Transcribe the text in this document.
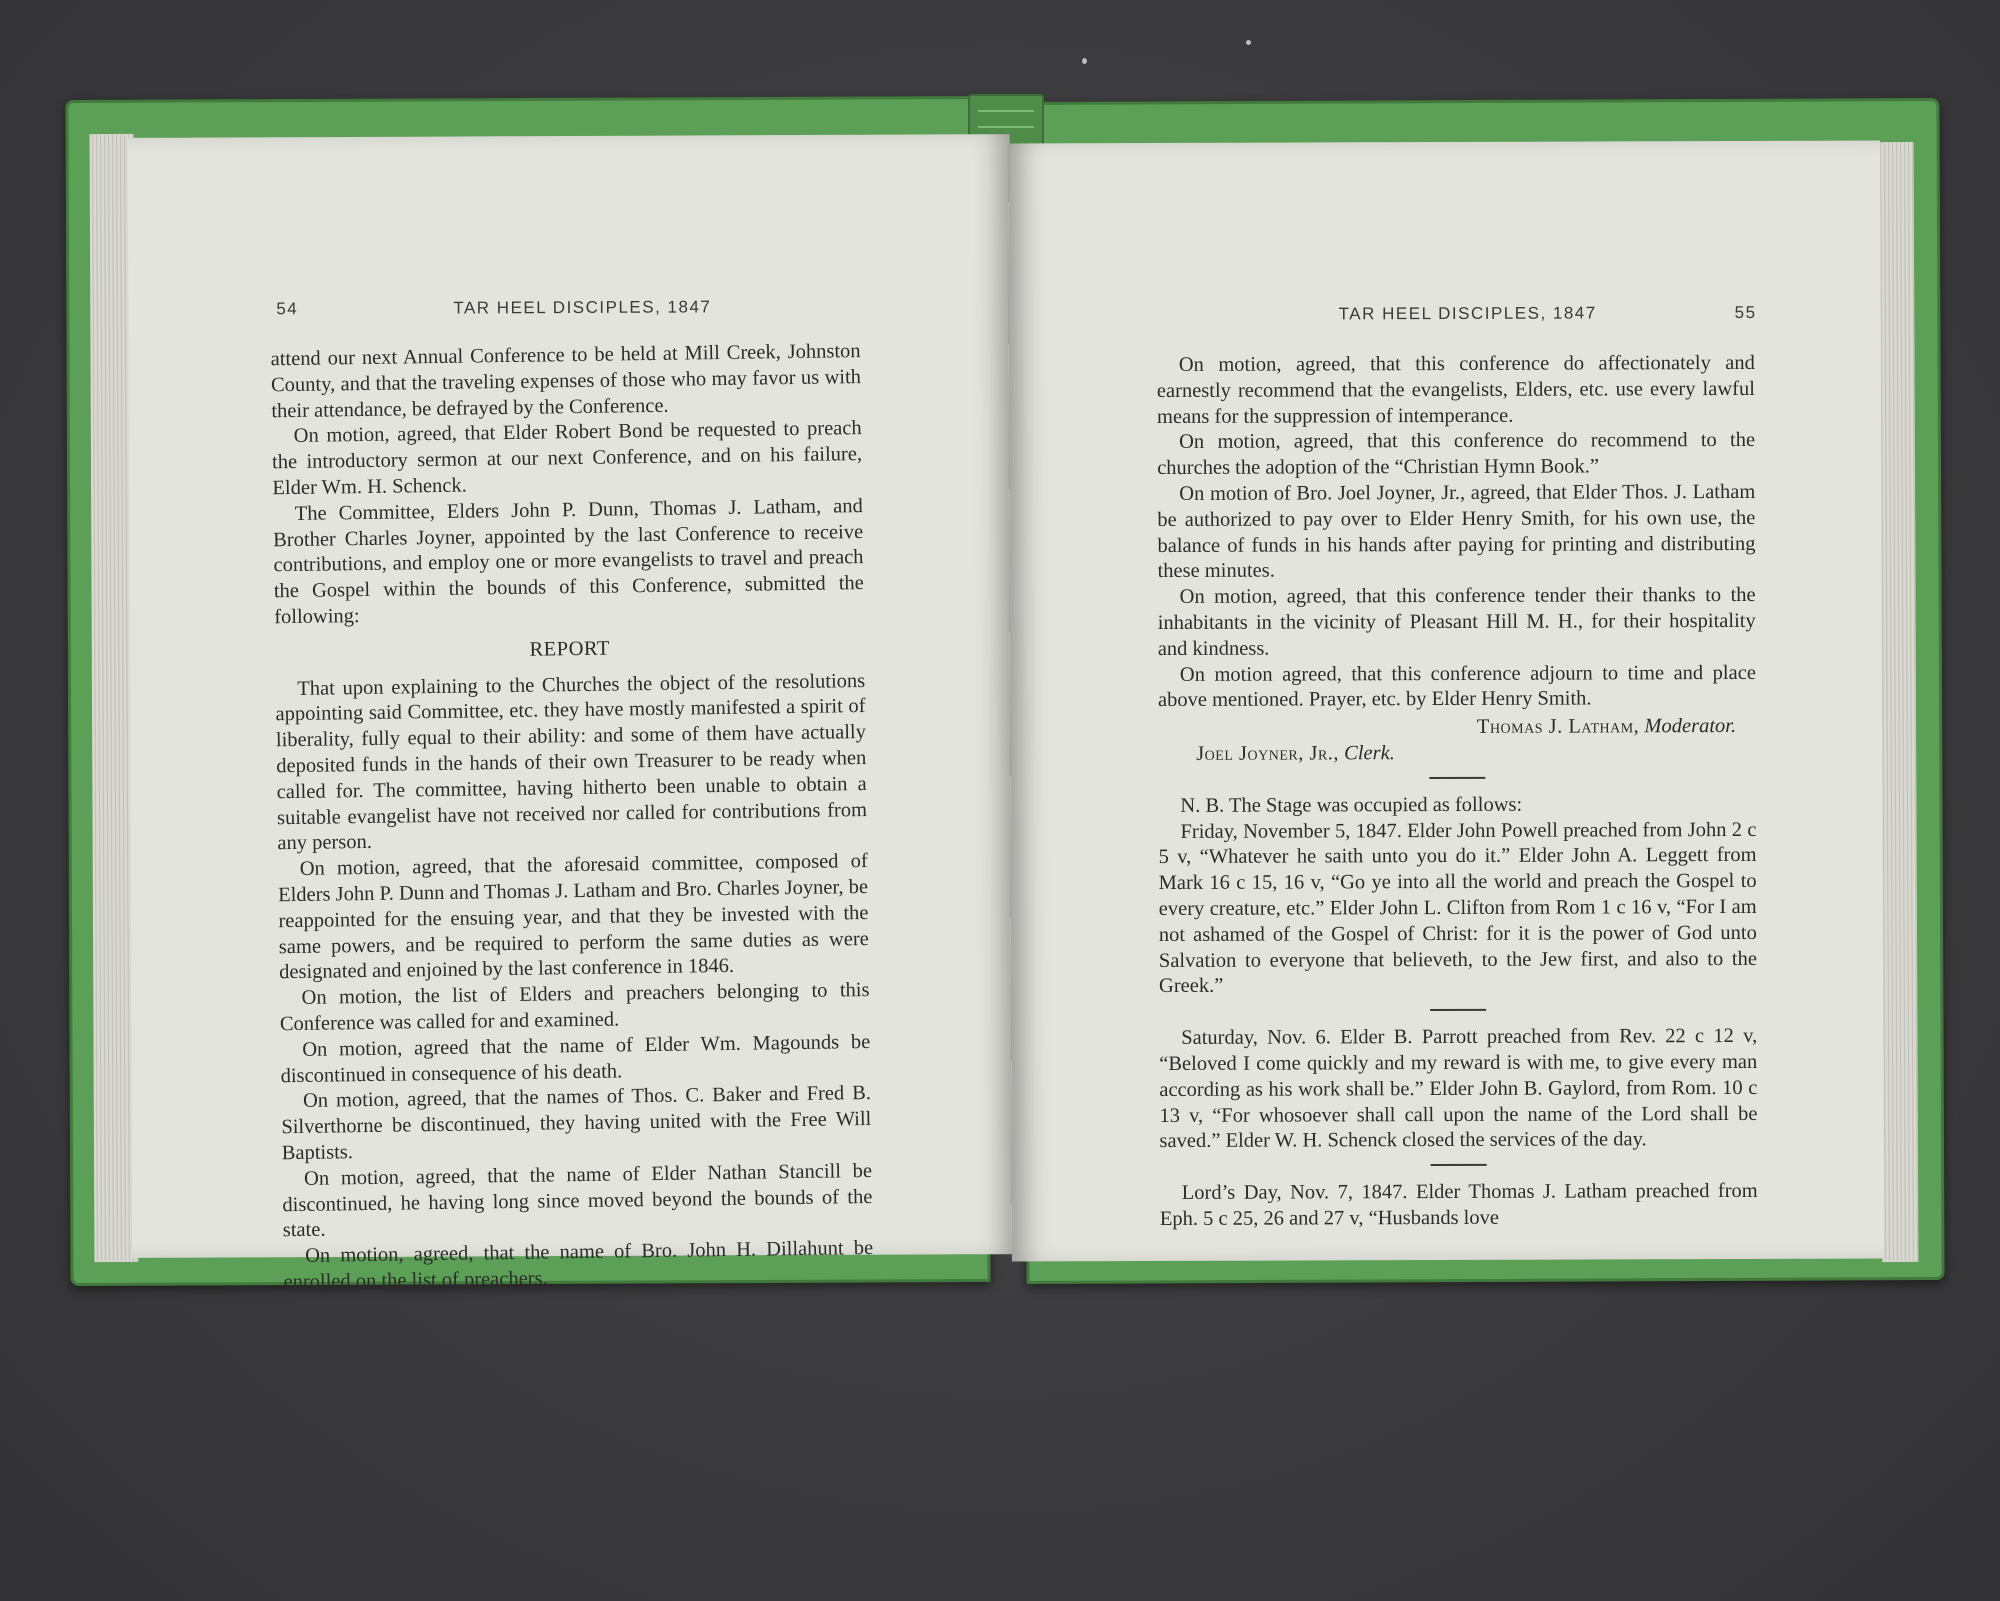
54	TAR HEEL DISCIPLES, 1847

attend our next Annual Conference to be held at Mill Creek, Johnston County, and that the traveling expenses of those who may favor us with their attendance, be defrayed by the Conference.

On motion, agreed, that Elder Robert Bond be requested to preach the introductory sermon at our next Conference, and on his failure, Elder Wm. H. Schenck.

The Committee, Elders John P. Dunn, Thomas J. Latham, and Brother Charles Joyner, appointed by the last Conference to receive contributions, and employ one or more evangelists to travel and preach the Gospel within the bounds of this Conference, submitted the following:

REPORT

That upon explaining to the Churches the object of the resolutions appointing said Committee, etc. they have mostly manifested a spirit of liberality, fully equal to their ability: and some of them have actually deposited funds in the hands of their own Treasurer to be ready when called for. The committee, having hitherto been unable to obtain a suitable evangelist have not received nor called for contributions from any person.

On motion, agreed, that the aforesaid committee, composed of Elders John P. Dunn and Thomas J. Latham and Bro. Charles Joyner, be reappointed for the ensuing year, and that they be invested with the same powers, and be required to perform the same duties as were designated and enjoined by the last conference in 1846.

On motion, the list of Elders and preachers belonging to this Conference was called for and examined.

On motion, agreed that the name of Elder Wm. Magounds be discontinued in consequence of his death.

On motion, agreed, that the names of Thos. C. Baker and Fred B. Silverthorne be discontinued, they having united with the Free Will Baptists.

On motion, agreed, that the name of Elder Nathan Stancill be discontinued, he having long since moved beyond the bounds of the state.

On motion, agreed, that the name of Bro. John H. Dillahunt be enrolled on the list of preachers.

TAR HEEL DISCIPLES, 1847	55

On motion, agreed, that this conference do affectionately and earnestly recommend that the evangelists, Elders, etc. use every lawful means for the suppression of intemperance.

On motion, agreed, that this conference do recommend to the churches the adoption of the “Christian Hymn Book.”

On motion of Bro. Joel Joyner, Jr., agreed, that Elder Thos. J. Latham be authorized to pay over to Elder Henry Smith, for his own use, the balance of funds in his hands after paying for printing and distributing these minutes.

On motion, agreed, that this conference tender their thanks to the inhabitants in the vicinity of Pleasant Hill M. H., for their hospitality and kindness.

On motion agreed, that this conference adjourn to time and place above mentioned. Prayer, etc. by Elder Henry Smith.

Thomas J. Latham, Moderator.

Joel Joyner, Jr., Clerk.

N. B. The Stage was occupied as follows:

Friday, November 5, 1847. Elder John Powell preached from John 2 c 5 v, “Whatever he saith unto you do it.” Elder John A. Leggett from Mark 16 c 15, 16 v, “Go ye into all the world and preach the Gospel to every creature, etc.” Elder John L. Clifton from Rom 1 c 16 v, “For I am not ashamed of the Gospel of Christ: for it is the power of God unto Salvation to everyone that believeth, to the Jew first, and also to the Greek.”

Saturday, Nov. 6. Elder B. Parrott preached from Rev. 22 c 12 v, “Beloved I come quickly and my reward is with me, to give every man according as his work shall be.” Elder John B. Gaylord, from Rom. 10 c 13 v, “For whosoever shall call upon the name of the Lord shall be saved.” Elder W. H. Schenck closed the services of the day.

Lord’s Day, Nov. 7, 1847. Elder Thomas J. Latham preached from Eph. 5 c 25, 26 and 27 v, “Husbands love
